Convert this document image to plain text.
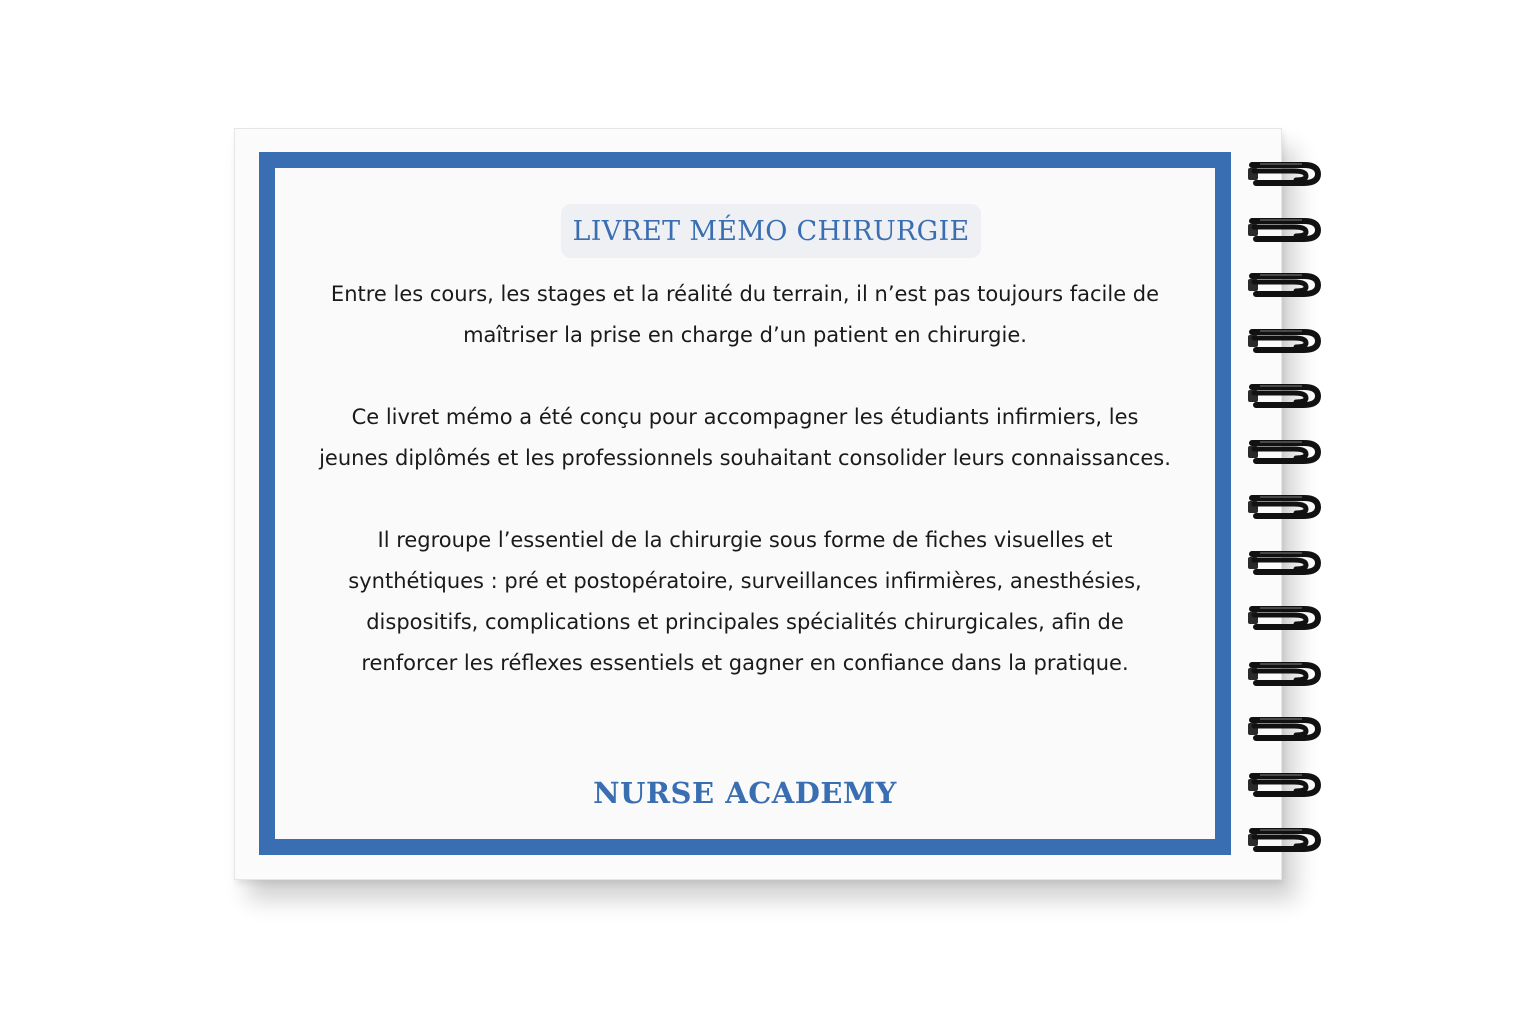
LIVRET MÉMO CHIRURGIE

Entre les cours, les stages et la réalité du terrain, il n’est pas toujours facile de maîtriser la prise en charge d’un patient en chirurgie.

Ce livret mémo a été conçu pour accompagner les étudiants infirmiers, les jeunes diplômés et les professionnels souhaitant consolider leurs connaissances.

Il regroupe l’essentiel de la chirurgie sous forme de fiches visuelles et synthétiques : pré et postopératoire, surveillances infirmières, anesthésies, dispositifs, complications et principales spécialités chirurgicales, afin de renforcer les réflexes essentiels et gagner en confiance dans la pratique.

NURSE ACADEMY
